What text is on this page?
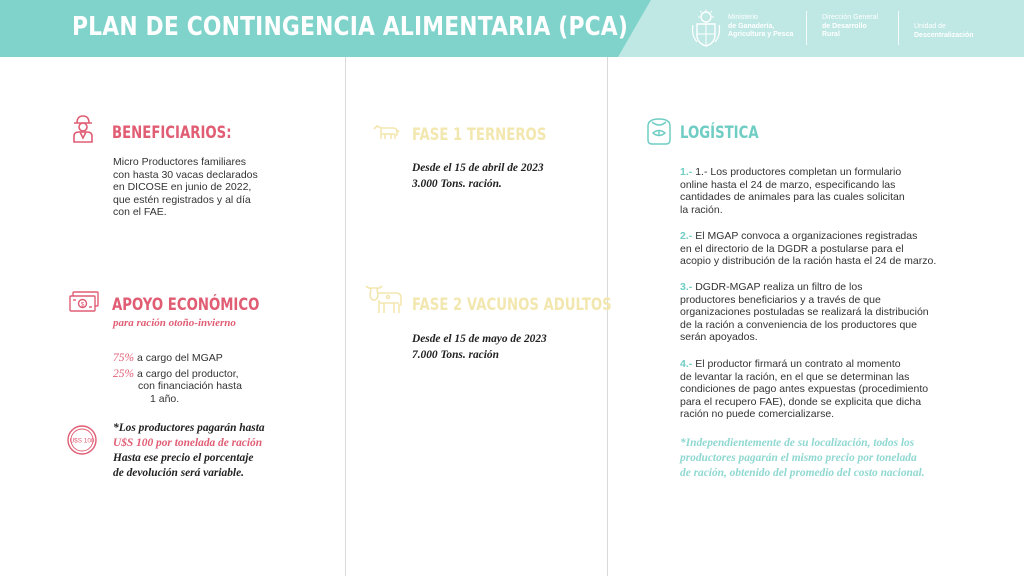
PLAN DE CONTINGENCIA ALIMENTARIA (PCA)	Ministerio
de Ganadería,
Agricultura y Pesca
Dirección General
de Desarrollo
Rural
Unidad de
Descentralización
BENEFICIARIOS:
Micro Productores familiares
con hasta 30 vacas declarados
en DICOSE en junio de 2022,
que estén registrados y al día
con el FAE.
$ APOYO ECONÓMICO
para ración otoño-invierno
75% a cargo del MGAP
25% a cargo del productor,
con financiación hasta
1 año.
U$S 100
*Los productores pagarán hasta
U$S 100 por tonelada de ración
Hasta ese precio el porcentaje
de devolución será variable.
FASE 1 TERNEROS
Desde el 15 de abril de 2023
3.000 Tons. ración.
FASE 2 VACUNOS ADULTOS
Desde el 15 de mayo de 2023
7.000 Tons. ración
LOGÍSTICA
1.- 1.- Los productores completan un formulario
online hasta el 24 de marzo, especificando las
cantidades de animales para las cuales solicitan
la ración.
2.- El MGAP convoca a organizaciones registradas
en el directorio de la DGDR a postularse para el
acopio y distribución de la ración hasta el 24 de marzo.
3.- DGDR-MGAP realiza un filtro de los
productores beneficiarios y a través de que
organizaciones postuladas se realizará la distribución
de la ración a conveniencia de los productores que
serán apoyados.
4.- El productor firmará un contrato al momento
de levantar la ración, en el que se determinan las
condiciones de pago antes expuestas (procedimiento
para el recupero FAE), donde se explicita que dicha
ración no puede comercializarse.
*Independientemente de su localización, todos los
productores pagarán el mismo precio por tonelada
de ración, obtenido del promedio del costo nacional.
